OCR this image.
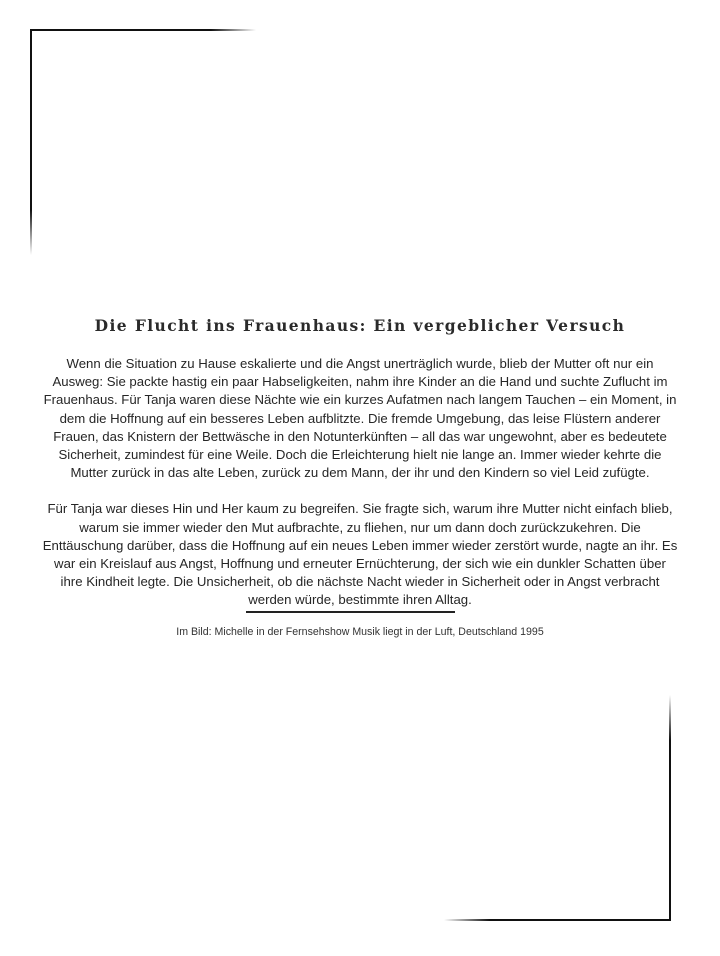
Die Flucht ins Frauenhaus: Ein vergeblicher Versuch

Wenn die Situation zu Hause eskalierte und die Angst unerträglich wurde, blieb der Mutter oft nur ein Ausweg: Sie packte hastig ein paar Habseligkeiten, nahm ihre Kinder an die Hand und suchte Zuflucht im Frauenhaus. Für Tanja waren diese Nächte wie ein kurzes Aufatmen nach langem Tauchen – ein Moment, in dem die Hoffnung auf ein besseres Leben aufblitzte. Die fremde Umgebung, das leise Flüstern anderer Frauen, das Knistern der Bettwäsche in den Notunterkünften – all das war ungewohnt, aber es bedeutete Sicherheit, zumindest für eine Weile. Doch die Erleichterung hielt nie lange an. Immer wieder kehrte die Mutter zurück in das alte Leben, zurück zu dem Mann, der ihr und den Kindern so viel Leid zufügte.

Für Tanja war dieses Hin und Her kaum zu begreifen. Sie fragte sich, warum ihre Mutter nicht einfach blieb, warum sie immer wieder den Mut aufbrachte, zu fliehen, nur um dann doch zurückzukehren. Die Enttäuschung darüber, dass die Hoffnung auf ein neues Leben immer wieder zerstört wurde, nagte an ihr. Es war ein Kreislauf aus Angst, Hoffnung und erneuter Ernüchterung, der sich wie ein dunkler Schatten über ihre Kindheit legte. Die Unsicherheit, ob die nächste Nacht wieder in Sicherheit oder in Angst verbracht werden würde, bestimmte ihren Alltag.

Im Bild: Michelle in der Fernsehshow Musik liegt in der Luft, Deutschland 1995
